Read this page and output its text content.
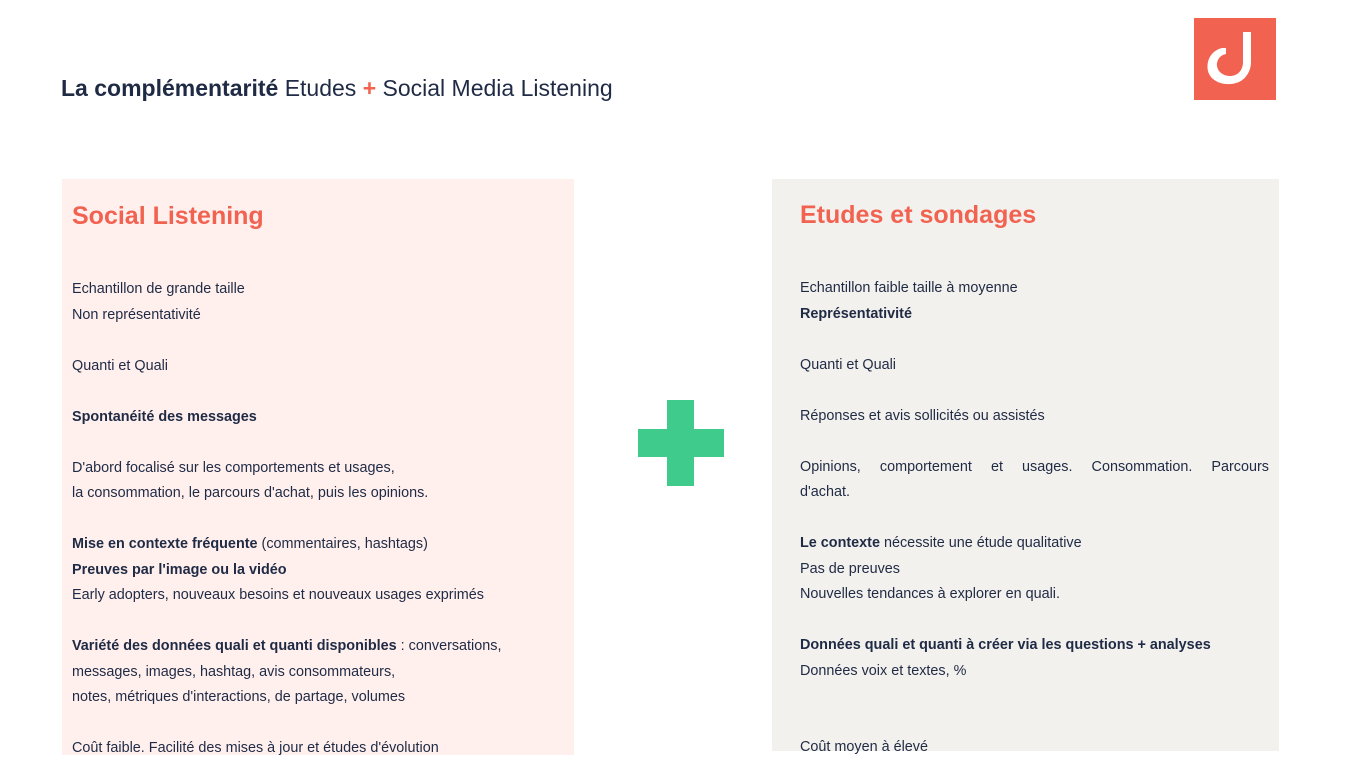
La complémentarité Etudes + Social Media Listening
Social Listening
Echantillon de grande taille
Non représentativité
Quanti et Quali
Spontanéité des messages
D'abord focalisé sur les comportements et usages,
la consommation, le parcours d'achat, puis les opinions.
Mise en contexte fréquente (commentaires, hashtags)
Preuves par l'image ou la vidéo
Early adopters, nouveaux besoins et nouveaux usages exprimés
Variété des données quali et quanti disponibles : conversations,
messages, images, hashtag, avis consommateurs,
notes, métriques d'interactions, de partage, volumes
Coût faible. Facilité des mises à jour et études d'évolution
Etudes et sondages
Echantillon faible taille à moyenne
Représentativité
Quanti et Quali
Réponses et avis sollicités ou assistés
Opinions, comportement et usages. Consommation. Parcours
d'achat.
Le contexte nécessite une étude qualitative
Pas de preuves
Nouvelles tendances à explorer en quali.
Données quali et quanti à créer via les questions + analyses
Données voix et textes, %
Coût moyen à élevé
